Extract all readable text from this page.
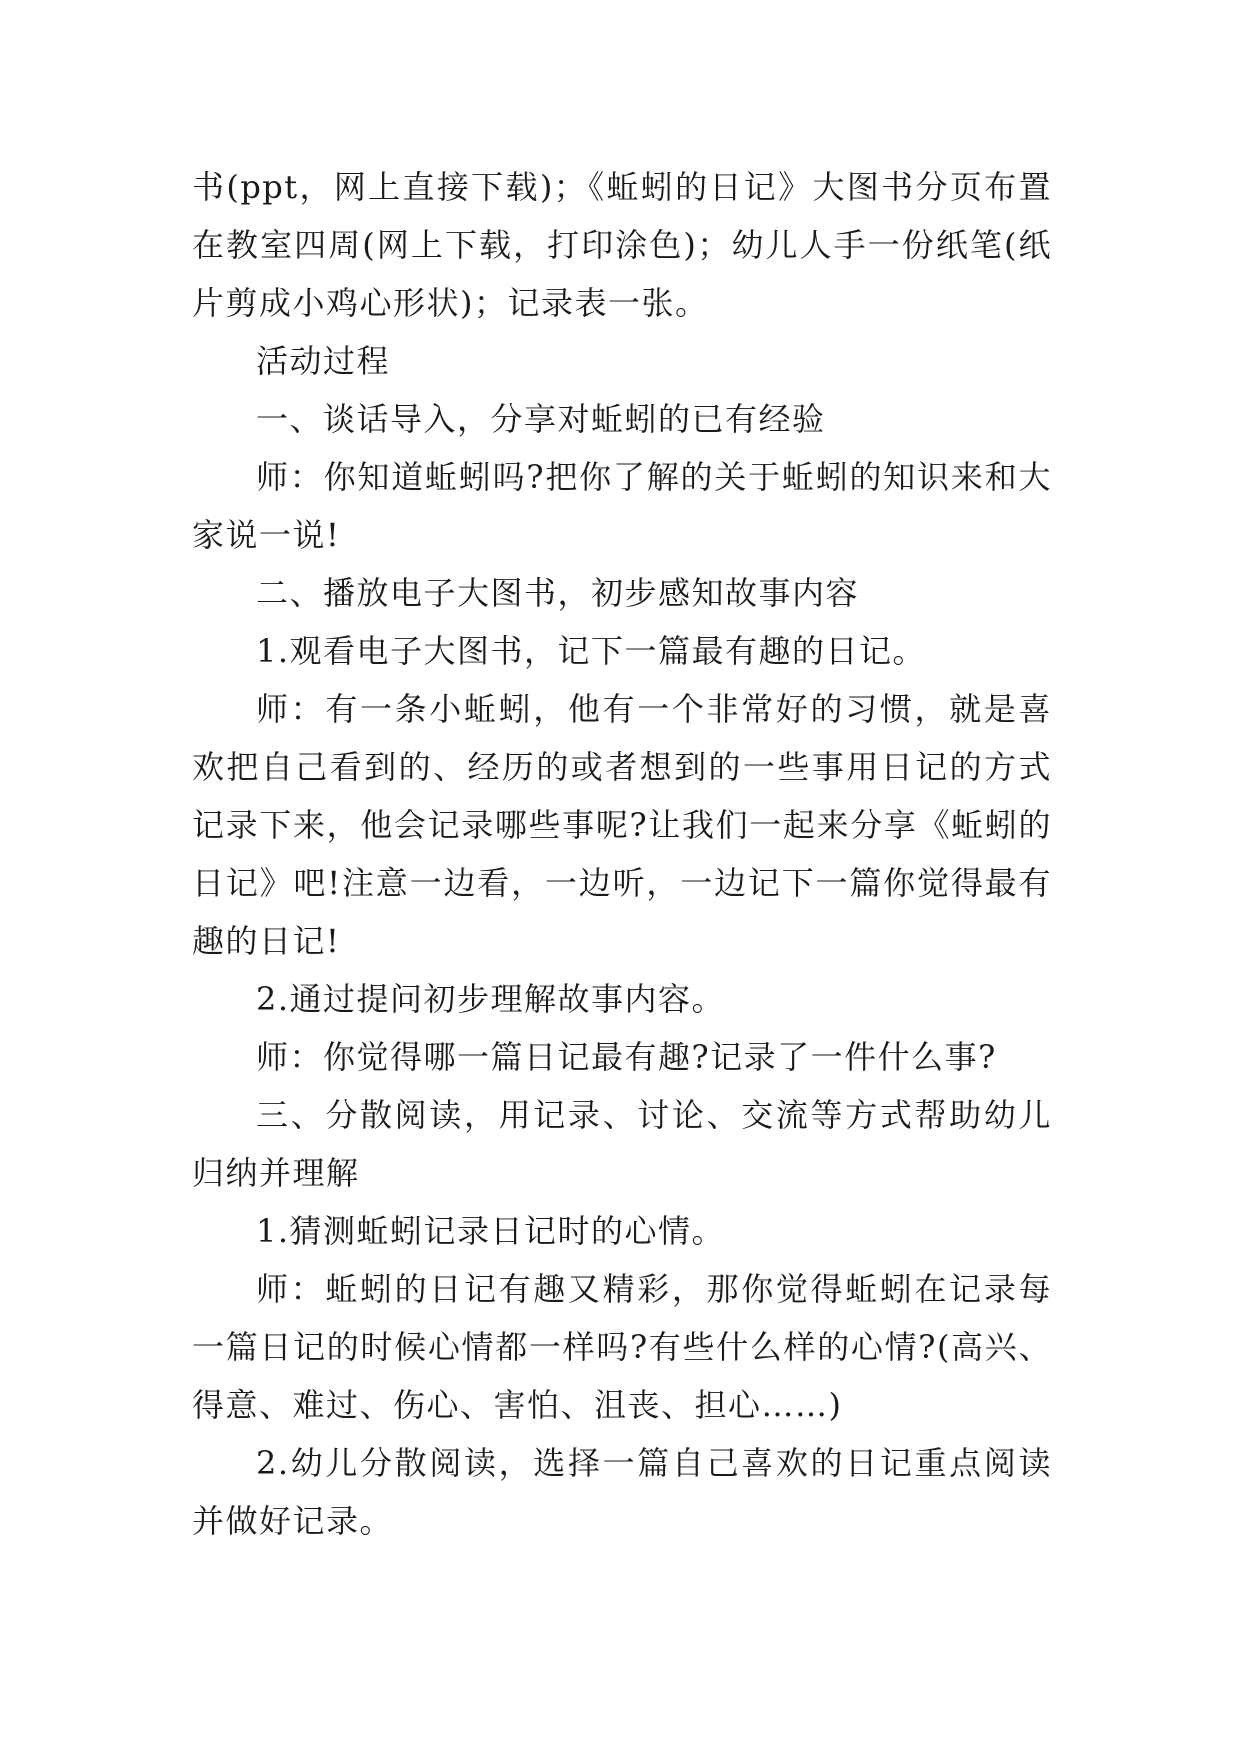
书(ppt，网上直接下载)；《蚯蚓的日记》大图书分页布置在教室四周(网上下载，打印涂色)；幼儿人手一份纸笔(纸片剪成小鸡心形状)；记录表一张。

活动过程

一、谈话导入，分享对蚯蚓的已有经验

师：你知道蚯蚓吗?把你了解的关于蚯蚓的知识来和大家说一说!

二、播放电子大图书，初步感知故事内容

1.观看电子大图书，记下一篇最有趣的日记。

师：有一条小蚯蚓，他有一个非常好的习惯，就是喜欢把自己看到的、经历的或者想到的一些事用日记的方式记录下来，他会记录哪些事呢?让我们一起来分享《蚯蚓的日记》吧!注意一边看，一边听，一边记下一篇你觉得最有趣的日记!

2.通过提问初步理解故事内容。

师：你觉得哪一篇日记最有趣?记录了一件什么事?

三、分散阅读，用记录、讨论、交流等方式帮助幼儿归纳并理解

1.猜测蚯蚓记录日记时的心情。

师：蚯蚓的日记有趣又精彩，那你觉得蚯蚓在记录每一篇日记的时候心情都一样吗?有些什么样的心情?(高兴、得意、难过、伤心、害怕、沮丧、担心……)

2.幼儿分散阅读，选择一篇自己喜欢的日记重点阅读并做好记录。
